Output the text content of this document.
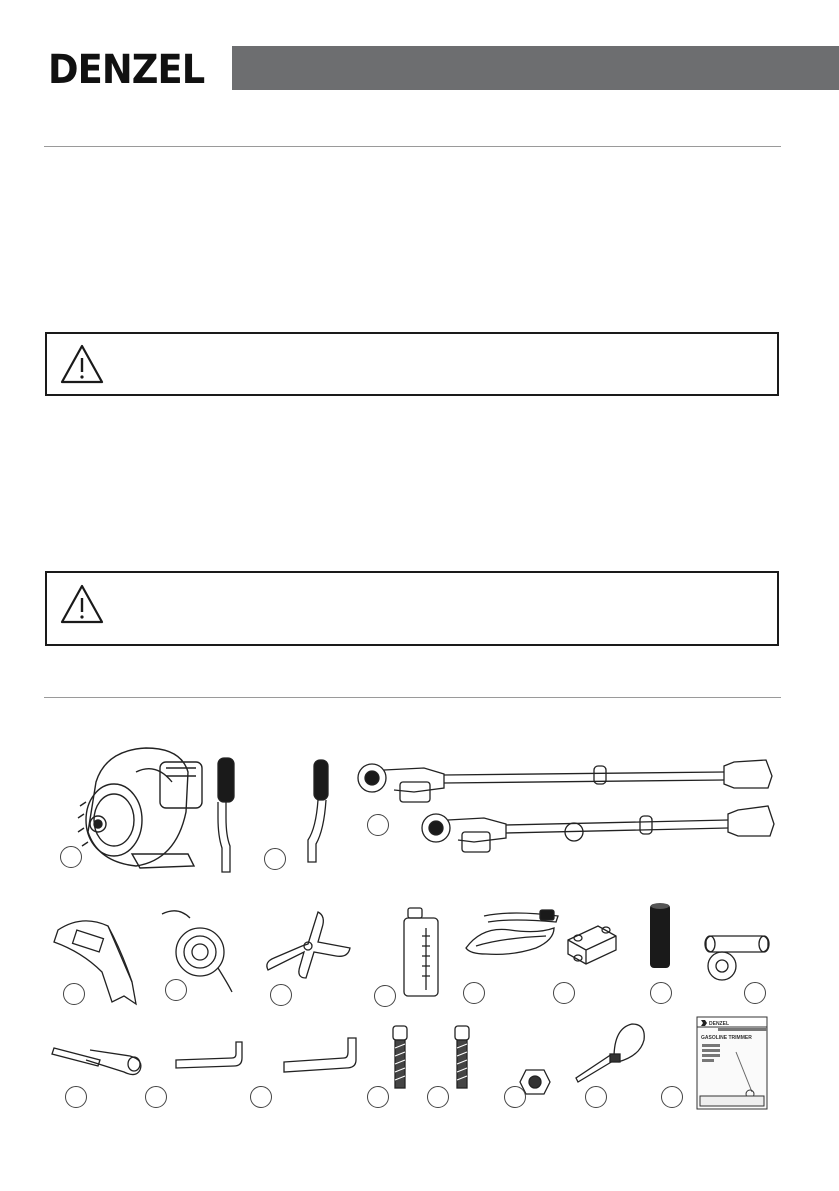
DENZEL
DENZEL
GASOLINE TRIMMER
